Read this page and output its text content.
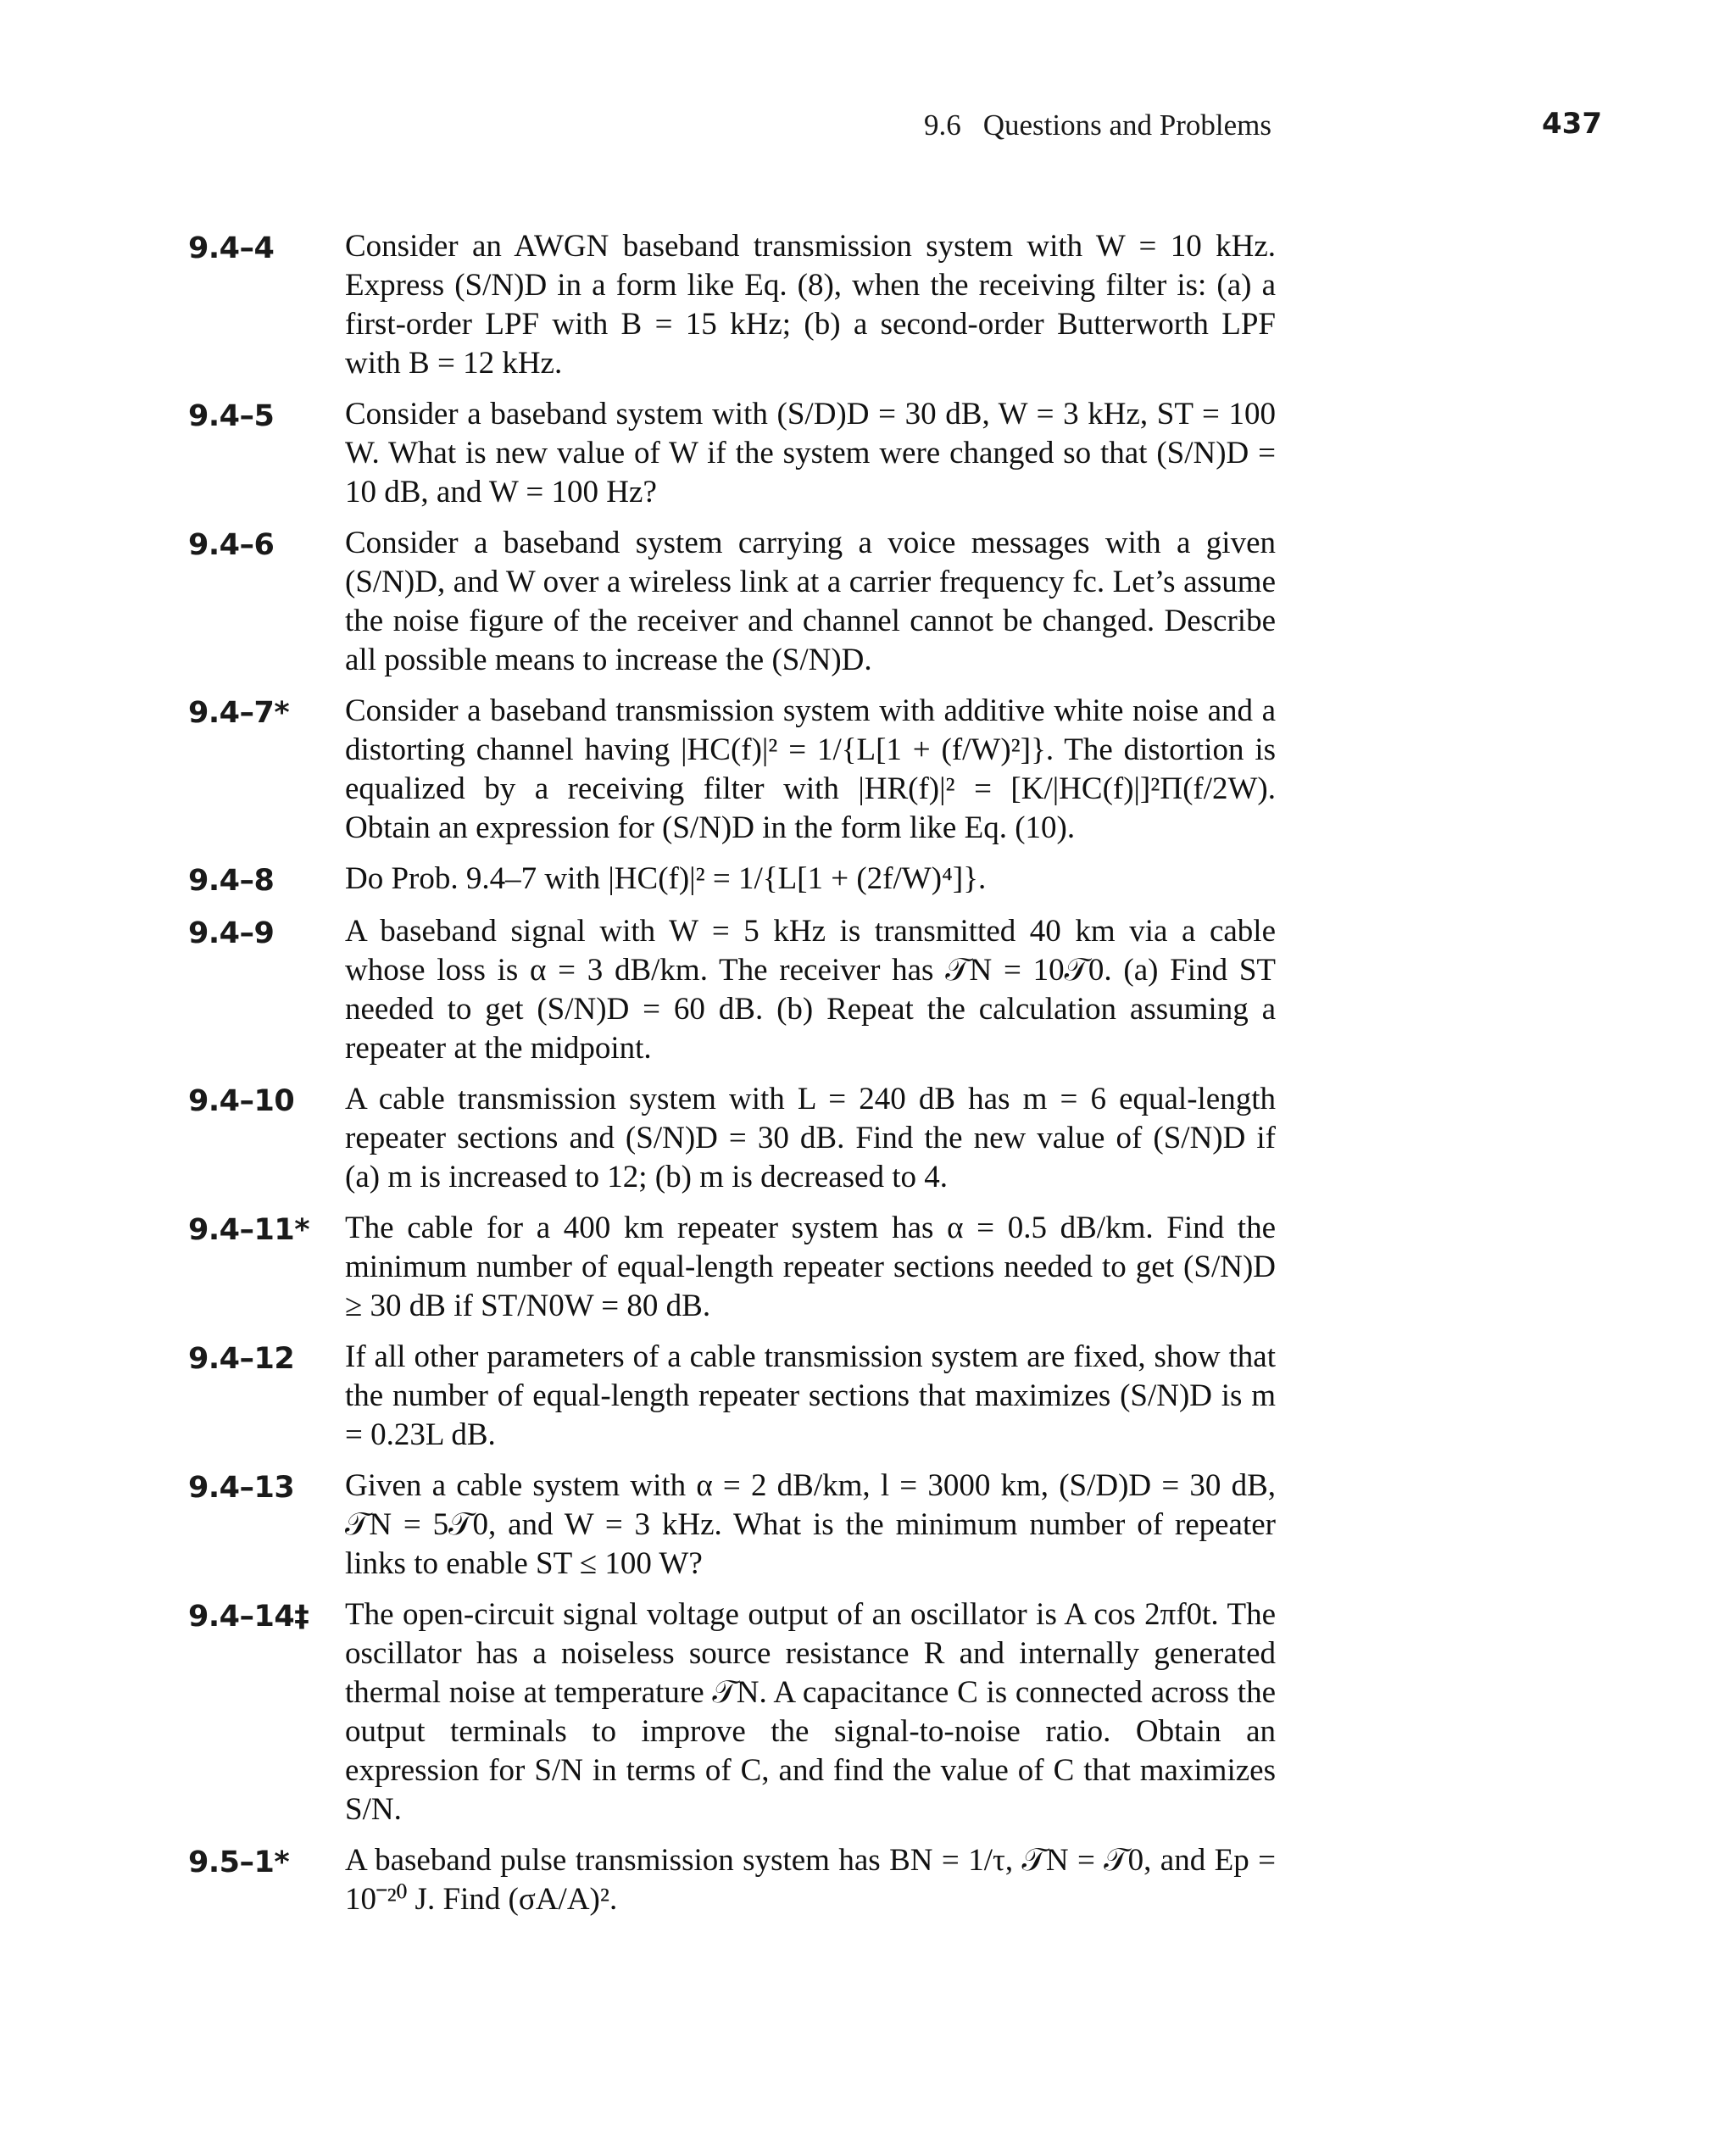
9.6 Questions and Problems	437
9.4–4	Consider an AWGN baseband transmission system with W = 10 kHz. Express (S/N)D in a form like Eq. (8), when the receiving filter is: (a) a first-order LPF with B = 15 kHz; (b) a second-order Butterworth LPF with B = 12 kHz.
9.4–5	Consider a baseband system with (S/D)D = 30 dB, W = 3 kHz, ST = 100 W. What is new value of W if the system were changed so that (S/N)D = 10 dB, and W = 100 Hz?
9.4–6	Consider a baseband system carrying a voice messages with a given (S/N)D, and W over a wireless link at a carrier frequency fc. Let’s assume the noise figure of the receiver and channel cannot be changed. Describe all possible means to increase the (S/N)D.
9.4–7*	Consider a baseband transmission system with additive white noise and a distorting channel having |HC(f)|² = 1/{L[1 + (f/W)²]}. The distortion is equalized by a receiving filter with |HR(f)|² = [K/|HC(f)|]²Π(f/2W). Obtain an expression for (S/N)D in the form like Eq. (10).
9.4–8	Do Prob. 9.4–7 with |HC(f)|² = 1/{L[1 + (2f/W)⁴]}.
9.4–9	A baseband signal with W = 5 kHz is transmitted 40 km via a cable whose loss is α = 3 dB/km. The receiver has 𝒯N = 10𝒯0. (a) Find ST needed to get (S/N)D = 60 dB. (b) Repeat the calculation assuming a repeater at the midpoint.
9.4–10	A cable transmission system with L = 240 dB has m = 6 equal-length repeater sections and (S/N)D = 30 dB. Find the new value of (S/N)D if (a) m is increased to 12; (b) m is decreased to 4.
9.4–11*	The cable for a 400 km repeater system has α = 0.5 dB/km. Find the minimum number of equal-length repeater sections needed to get (S/N)D ≥ 30 dB if ST/N0W = 80 dB.
9.4–12	If all other parameters of a cable transmission system are fixed, show that the number of equal-length repeater sections that maximizes (S/N)D is m = 0.23L dB.
9.4–13	Given a cable system with α = 2 dB/km, l = 3000 km, (S/D)D = 30 dB, 𝒯N = 5𝒯0, and W = 3 kHz. What is the minimum number of repeater links to enable ST ≤ 100 W?
9.4–14‡	The open-circuit signal voltage output of an oscillator is A cos 2πf0t. The oscillator has a noiseless source resistance R and internally generated thermal noise at temperature 𝒯N. A capacitance C is connected across the output terminals to improve the signal-to-noise ratio. Obtain an expression for S/N in terms of C, and find the value of C that maximizes S/N.
9.5–1*	A baseband pulse transmission system has BN = 1/τ, 𝒯N = 𝒯0, and Ep = 10⁻²⁰ J. Find (σA/A)².
